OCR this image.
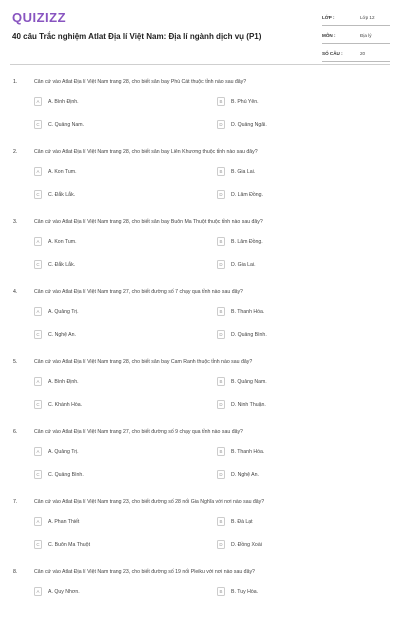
QUIZIZZ
40 câu Trắc nghiệm Atlat Địa lí Việt Nam: Địa lí ngành dịch vụ (P1)
LỚP :	Lớp 12
MÔN :	Địa lý
SỐ CÂU :	20
1.	Căn cứ vào Atlat Địa lí Việt Nam trang 28, cho biết sân bay Phù Cát thuộc tỉnh nào sau đây?
A	A. Bình Định.	B	B. Phú Yên.
C	C. Quảng Nam.	D	D. Quảng Ngãi.
2.	Căn cứ vào Atlat Địa lí Việt Nam trang 28, cho biết sân bay Liên Khương thuộc tỉnh nào sau đây?
A	A. Kon Tum.	B	B. Gia Lai.
C	C. Đắk Lắk.	D	D. Lâm Đồng.
3.	Căn cứ vào Atlat Địa lí Việt Nam trang 28, cho biết sân bay Buôn Ma Thuột thuộc tỉnh nào sau đây?
A	A. Kon Tum.	B	B. Lâm Đồng.
C	C. Đắk Lắk.	D	D. Gia Lai.
4.	Căn cứ vào Atlat Địa lí Việt Nam trang 27, cho biết đường số 7 chạy qua tỉnh nào sau đây?
A	A. Quảng Trị.	B	B. Thanh Hóa.
C	C. Nghệ An.	D	D. Quảng Bình.
5.	Căn cứ vào Atlat Địa lí Việt Nam trang 28, cho biết sân bay Cam Ranh thuộc tỉnh nào sau đây?
A	A. Bình Định.	B	B. Quảng Nam.
C	C. Khánh Hòa.	D	D. Ninh Thuận.
6.	Căn cứ vào Atlat Địa lí Việt Nam trang 27, cho biết đường số 9 chạy qua tỉnh nào sau đây?
A	A. Quảng Trị.	B	B. Thanh Hóa.
C	C. Quảng Bình.	D	D. Nghệ An.
7.	Căn cứ vào Atlat Địa lí Việt Nam trang 23, cho biết đường số 28 nối Gia Nghĩa với nơi nào sau đây?
A	A. Phan Thiết	B	B. Đà Lạt
C	C. Buôn Ma Thuột	D	D. Đồng Xoài
8.	Căn cứ vào Atlat Địa lí Việt Nam trang 23, cho biết đường số 19 nối Pleiku với nơi nào sau đây?
A	A. Quy Nhơn.	B	B. Tuy Hòa.
